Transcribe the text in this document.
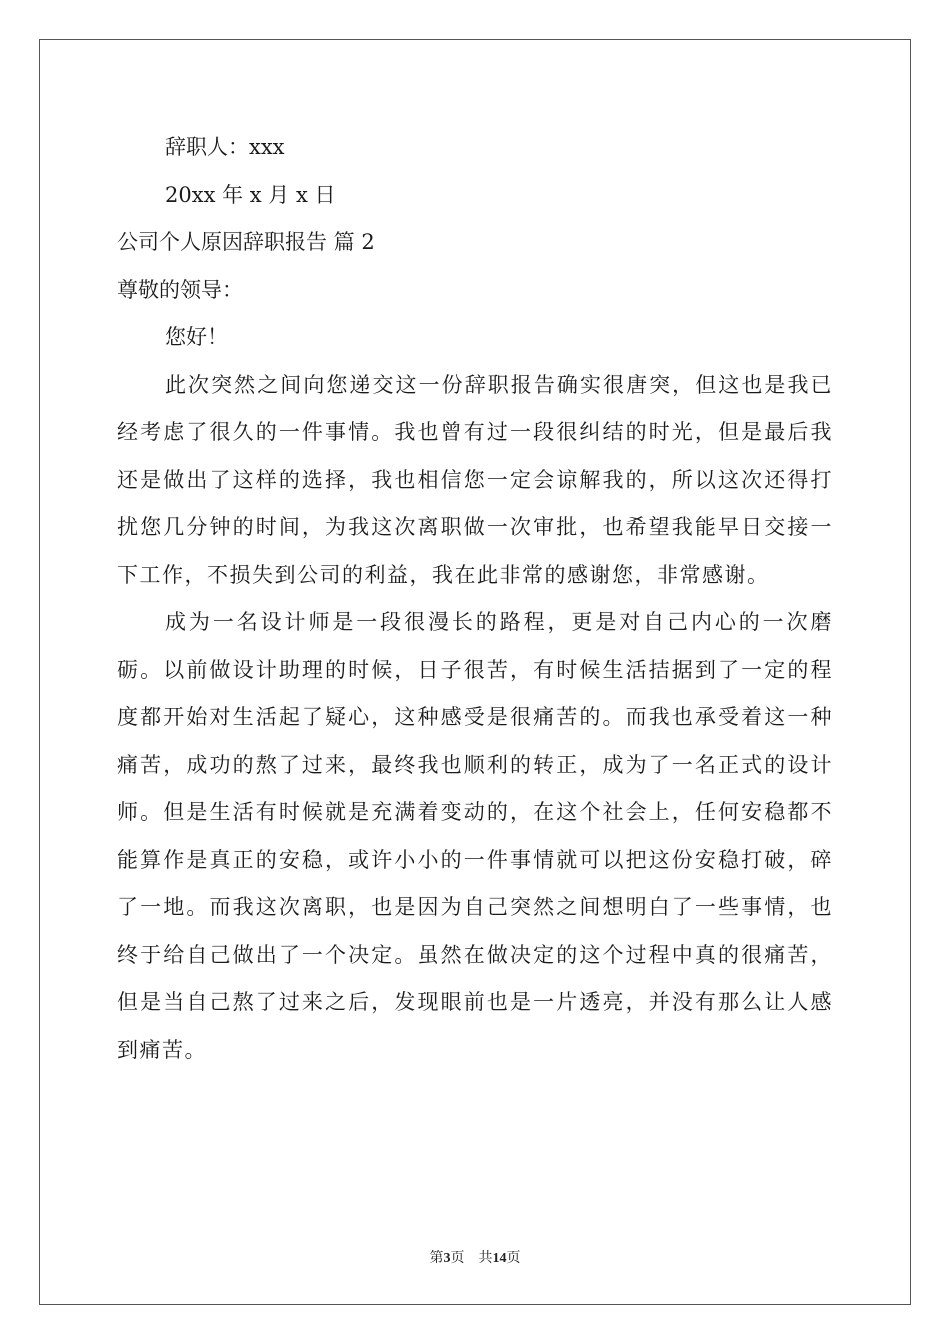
辞职人：xxx
20xx 年 x 月 x 日
公司个人原因辞职报告 篇 2
尊敬的领导：
您好！
此次突然之间向您递交这一份辞职报告确实很唐突，但这也是我已经考虑了很久的一件事情。我也曾有过一段很纠结的时光，但是最后我还是做出了这样的选择，我也相信您一定会谅解我的，所以这次还得打扰您几分钟的时间，为我这次离职做一次审批，也希望我能早日交接一下工作，不损失到公司的利益，我在此非常的感谢您，非常感谢。
成为一名设计师是一段很漫长的路程，更是对自己内心的一次磨砺。以前做设计助理的时候，日子很苦，有时候生活拮据到了一定的程度都开始对生活起了疑心，这种感受是很痛苦的。而我也承受着这一种痛苦，成功的熬了过来，最终我也顺利的转正，成为了一名正式的设计师。但是生活有时候就是充满着变动的，在这个社会上，任何安稳都不能算作是真正的安稳，或许小小的一件事情就可以把这份安稳打破，碎了一地。而我这次离职，也是因为自己突然之间想明白了一些事情，也终于给自己做出了一个决定。虽然在做决定的这个过程中真的很痛苦，但是当自己熬了过来之后，发现眼前也是一片透亮，并没有那么让人感到痛苦。
第3页 共14页
